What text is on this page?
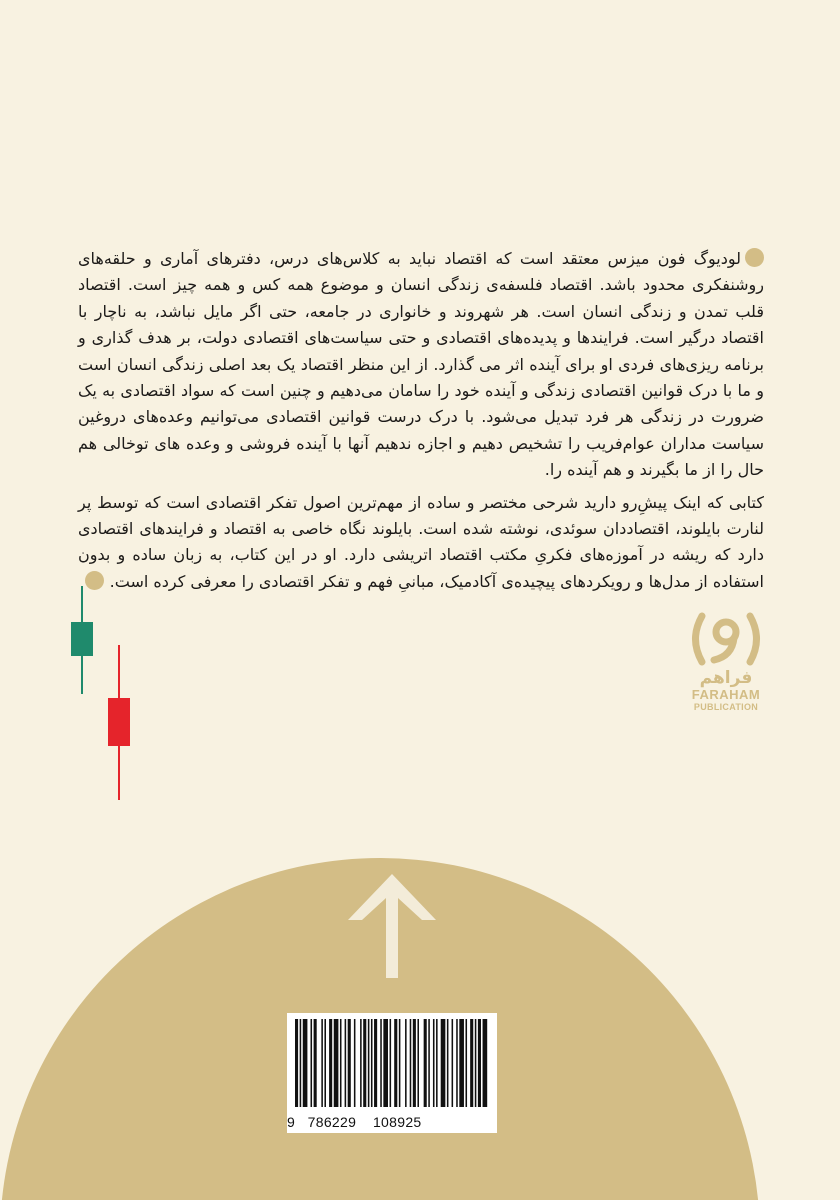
لودیوگ فون میزس معتقد است که اقتصاد نباید به کلاس‌های درس، دفترهای آماری و حلقه‌های روشنفکری محدود باشد. اقتصاد فلسفه‌ی زندگی انسان و موضوع همه کس و همه چیز است. اقتصاد قلب تمدن و زندگی انسان است. هر شهروند و خانواری در جامعه، حتی اگر مایل نباشد، به ناچار با اقتصاد درگیر است. فرایندها و پدیده‌های اقتصادی و حتی سیاست‌های اقتصادی دولت، بر هدف گذاری و برنامه ریزی‌های فردی او برای آینده اثر می گذارد. از این منظر اقتصاد یک بعد اصلی زندگی انسان است و ما با درک قوانین اقتصادی زندگی و آینده خود را سامان می‌دهیم و چنین است که سواد اقتصادی به یک ضرورت در زندگی هر فرد تبدیل می‌شود. با درک درست قوانین اقتصادی می‌توانیم وعده‌های دروغین سیاست مداران عوام‌فریب را تشخیص دهیم و اجازه ندهیم آنها با آینده فروشی و وعده های توخالی هم حال را از ما بگیرند و هم آینده را.

کتابی که اینک پیشِ‌رو دارید شرحی مختصر و ساده از مهم‌ترین اصول تفکر اقتصادی است که توسط پر لنارت بایلوند، اقتصاددان سوئدی، نوشته شده است. بایلوند نگاه خاصی به اقتصاد و فرایندهای اقتصادی دارد که ریشه در آموزه‌های فکریِ مکتب اقتصاد اتریشی دارد. او در این کتاب، به زبان ساده و بدون استفاده از مدل‌ها و رویکردهای پیچیده‌ی آکادمیک، مبانیِ فهم و تفکر اقتصادی را معرفی کرده است.

فراهم
FARAHAM
PUBLICATION
9 786229 108925
